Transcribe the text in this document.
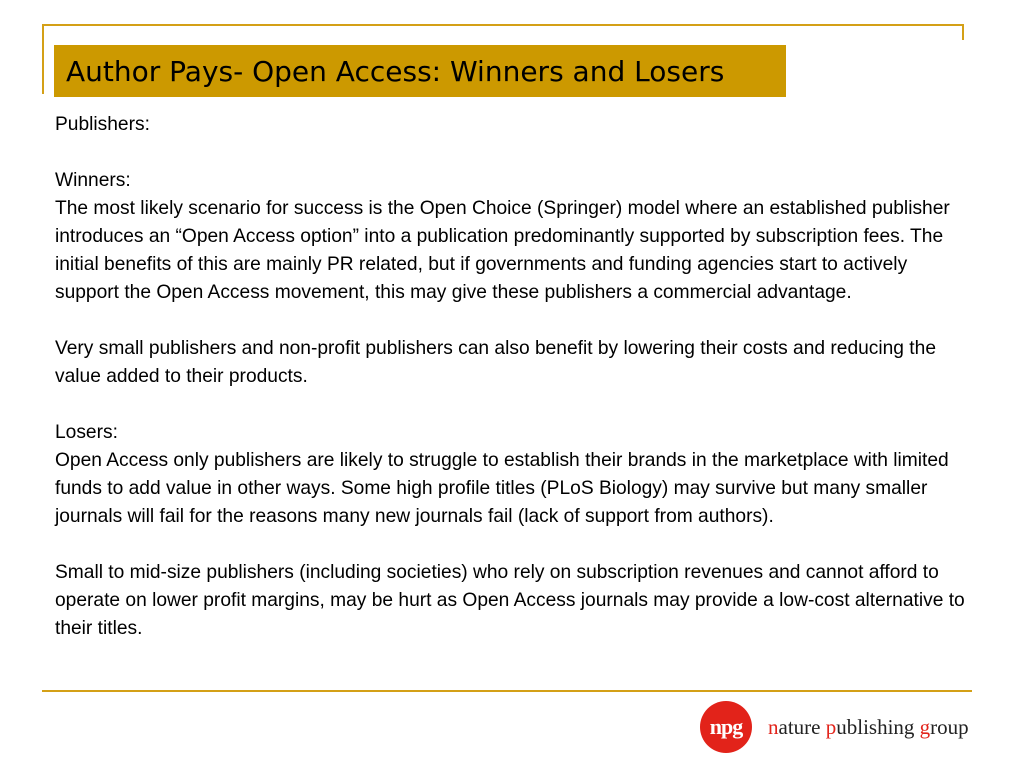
Author Pays- Open Access: Winners and Losers

Publishers:

Winners:

The most likely scenario for success is the Open Choice (Springer) model where an established publisher introduces an “Open Access option” into a publication predominantly supported by subscription fees. The initial benefits of this are mainly PR related, but if governments and funding agencies start to actively support the Open Access movement, this may give these publishers a commercial advantage.

Very small publishers and non-profit publishers can also benefit by lowering their costs and reducing the value added to their products.

Losers:

Open Access only publishers are likely to struggle to establish their brands in the marketplace with limited funds to add value in other ways. Some high profile titles (PLoS Biology) may survive but many smaller journals will fail for the reasons many new journals fail (lack of support from authors).

Small to mid-size publishers (including societies) who rely on subscription revenues and cannot afford to operate on lower profit margins, may be hurt as Open Access journals may provide a low-cost alternative to their titles.

npg	nature publishing group
